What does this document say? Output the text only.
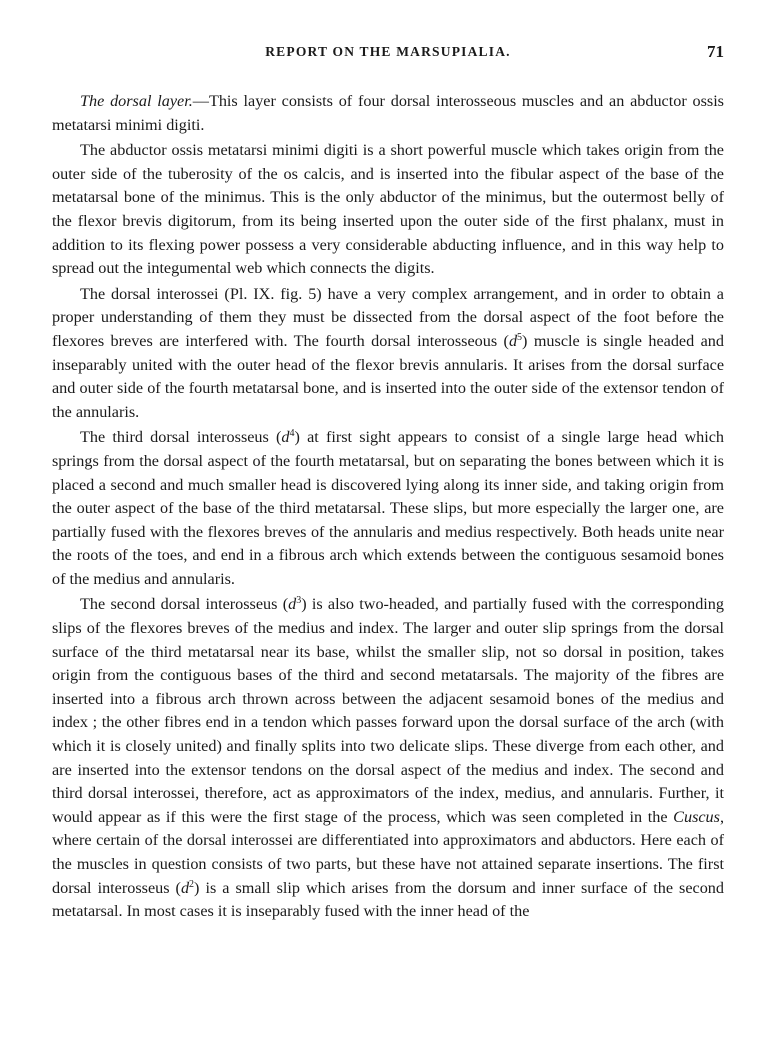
REPORT ON THE MARSUPIALIA.	71

The dorsal layer.—This layer consists of four dorsal interosseous muscles and an abductor ossis metatarsi minimi digiti.

The abductor ossis metatarsi minimi digiti is a short powerful muscle which takes origin from the outer side of the tuberosity of the os calcis, and is inserted into the fibular aspect of the base of the metatarsal bone of the minimus. This is the only abductor of the minimus, but the outermost belly of the flexor brevis digitorum, from its being inserted upon the outer side of the first phalanx, must in addition to its flexing power possess a very considerable abducting influence, and in this way help to spread out the integumental web which connects the digits.

The dorsal interossei (Pl. IX. fig. 5) have a very complex arrangement, and in order to obtain a proper understanding of them they must be dissected from the dorsal aspect of the foot before the flexores breves are interfered with. The fourth dorsal interosseous $(d^5)$ muscle is single headed and inseparably united with the outer head of the flexor brevis annularis. It arises from the dorsal surface and outer side of the fourth metatarsal bone, and is inserted into the outer side of the extensor tendon of the annularis.

The third dorsal interosseus $(d^4)$ at first sight appears to consist of a single large head which springs from the dorsal aspect of the fourth metatarsal, but on separating the bones between which it is placed a second and much smaller head is discovered lying along its inner side, and taking origin from the outer aspect of the base of the third metatarsal. These slips, but more especially the larger one, are partially fused with the flexores breves of the annularis and medius respectively. Both heads unite near the roots of the toes, and end in a fibrous arch which extends between the contiguous sesamoid bones of the medius and annularis.

The second dorsal interosseus $(d^3)$ is also two-headed, and partially fused with the corresponding slips of the flexores breves of the medius and index. The larger and outer slip springs from the dorsal surface of the third metatarsal near its base, whilst the smaller slip, not so dorsal in position, takes origin from the contiguous bases of the third and second metatarsals. The majority of the fibres are inserted into a fibrous arch thrown across between the adjacent sesamoid bones of the medius and index ; the other fibres end in a tendon which passes forward upon the dorsal surface of the arch (with which it is closely united) and finally splits into two delicate slips. These diverge from each other, and are inserted into the extensor tendons on the dorsal aspect of the medius and index. The second and third dorsal interossei, therefore, act as approximators of the index, medius, and annularis. Further, it would appear as if this were the first stage of the process, which was seen completed in the Cuscus, where certain of the dorsal interossei are differentiated into approximators and abductors. Here each of the muscles in question consists of two parts, but these have not attained separate insertions. The first dorsal interosseus $(d^2)$ is a small slip which arises from the dorsum and inner surface of the second metatarsal. In most cases it is inseparably fused with the inner head of the
